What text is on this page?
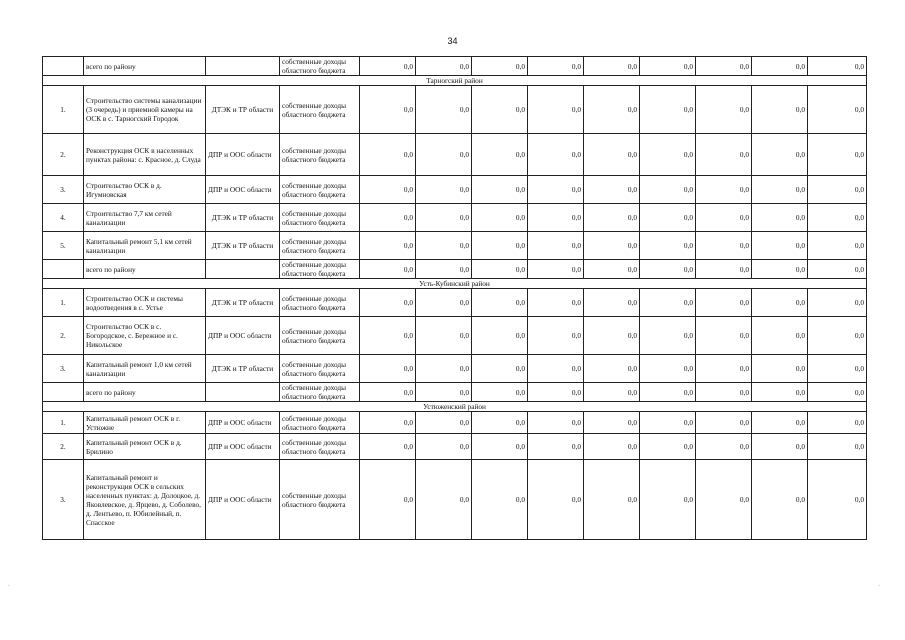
34
	всего по району		собственные доходы областного бюджета	0,0	0,0	0,0	0,0	0,0	0,0	0,0	0,0	0,0
Тарногский район												
1.	Строительство системы канализации (3 очередь) и приемной камеры на ОСК в с. Тарногский Городок	ДТЭК и ТР области	собственные доходы областного бюджета	0,0	0,0	0,0	0,0	0,0	0,0	0,0	0,0	0,0
2.	Реконструкция ОСК в населенных пунктах района: с. Красное, д. Слуда	ДПР и ООС области	собственные доходы областного бюджета	0,0	0,0	0,0	0,0	0,0	0,0	0,0	0,0	0,0
3.	Строительство ОСК в д. Игумновская	ДПР и ООС области	собственные доходы областного бюджета	0,0	0,0	0,0	0,0	0,0	0,0	0,0	0,0	0,0
4.	Строительство 7,7 км сетей канализации	ДТЭК и ТР области	собственные доходы областного бюджета	0,0	0,0	0,0	0,0	0,0	0,0	0,0	0,0	0,0
5.	Капитальный ремонт 5,1 км сетей канализации	ДТЭК и ТР области	собственные доходы областного бюджета	0,0	0,0	0,0	0,0	0,0	0,0	0,0	0,0	0,0
	всего по району		собственные доходы областного бюджета	0,0	0,0	0,0	0,0	0,0	0,0	0,0	0,0	0,0
Усть-Кубинский район												
1.	Строительство ОСК и системы водоотведения в с. Устье	ДТЭК и ТР области	собственные доходы областного бюджета	0,0	0,0	0,0	0,0	0,0	0,0	0,0	0,0	0,0
2.	Строительство ОСК в с. Богородское, с. Бережное и с. Никольское	ДПР и ООС области	собственные доходы областного бюджета	0,0	0,0	0,0	0,0	0,0	0,0	0,0	0,0	0,0
3.	Капитальный ремонт 1,0 км сетей канализации	ДТЭК и ТР области	собственные доходы областного бюджета	0,0	0,0	0,0	0,0	0,0	0,0	0,0	0,0	0,0
	всего по району		собственные доходы областного бюджета	0,0	0,0	0,0	0,0	0,0	0,0	0,0	0,0	0,0
Устюженский район												
1.	Капитальный ремонт ОСК в г. Устюжне	ДПР и ООС области	собственные доходы областного бюджета	0,0	0,0	0,0	0,0	0,0	0,0	0,0	0,0	0,0
2.	Капитальный ремонт ОСК в д. Брилино	ДПР и ООС области	собственные доходы областного бюджета	0,0	0,0	0,0	0,0	0,0	0,0	0,0	0,0	0,0
3.	Капитальный ремонт и реконструкция ОСК в сельских населенных пунктах: д. Долоцкое, д. Яковлевское, д. Ярцево, д. Соболево, д. Лентьево, п. Юбилейный, п. Спасское	ДПР и ООС области	собственные доходы областного бюджета	0,0	0,0	0,0	0,0	0,0	0,0	0,0	0,0	0,0
·	·
